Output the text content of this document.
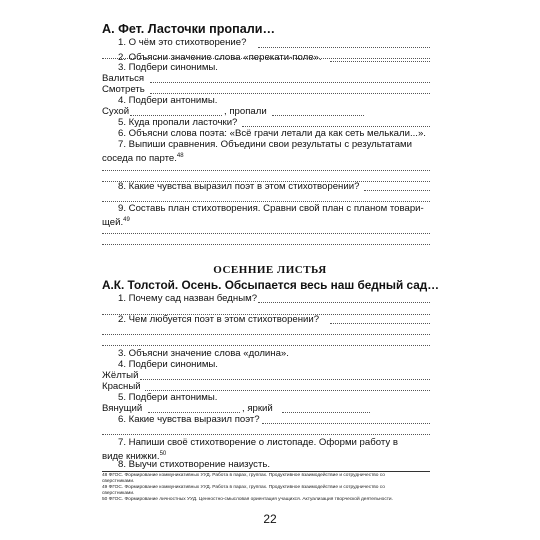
А. Фет. Ласточки пропали…
1. О чём это стихотворение?
2. Объясни значение слова «перекати-поле».
3. Подбери синонимы.
Валиться
Смотреть
4. Подбери антонимы.
Сухой	, пропали
5. Куда пропали ласточки?
6. Объясни слова поэта: «Всё грачи летали да как сеть мелькали...».
7. Выпиши сравнения. Объедини свои результаты с результатами
соседа по парте.$^{48}$
8. Какие чувства выразил поэт в этом стихотворении?
9. Составь план стихотворения. Сравни свой план с планом товари-
щей.$^{49}$
ОСЕННИЕ ЛИСТЬЯ
А.К. Толстой. Осень. Обсыпается весь наш бедный сад…
1. Почему сад назван бедным?
2. Чем любуется поэт в этом стихотворении?
3. Объясни значение слова «долина».
4. Подбери синонимы.
Жёлтый
Красный
5. Подбери антонимы.
Вянущий	, яркий
6. Какие чувства выразил поэт?
7. Напиши своё стихотворение о листопаде. Оформи работу в
виде книжки.$^{50}$
8. Выучи стихотворение наизусть.
48 ФГОС. Формирование коммуникативных УУД. Работа в парах, группах. Продуктивное взаимодействие и сотрудничество со
сверстниками.
49 ФГОС. Формирование коммуникативных УУД. Работа в парах, группах. Продуктивное взаимодействие и сотрудничество со
сверстниками.
50 ФГОС. Формирование личностных УУД. Ценностно-смысловая ориентация учащихся. Актуализация творческой деятельности.
22
